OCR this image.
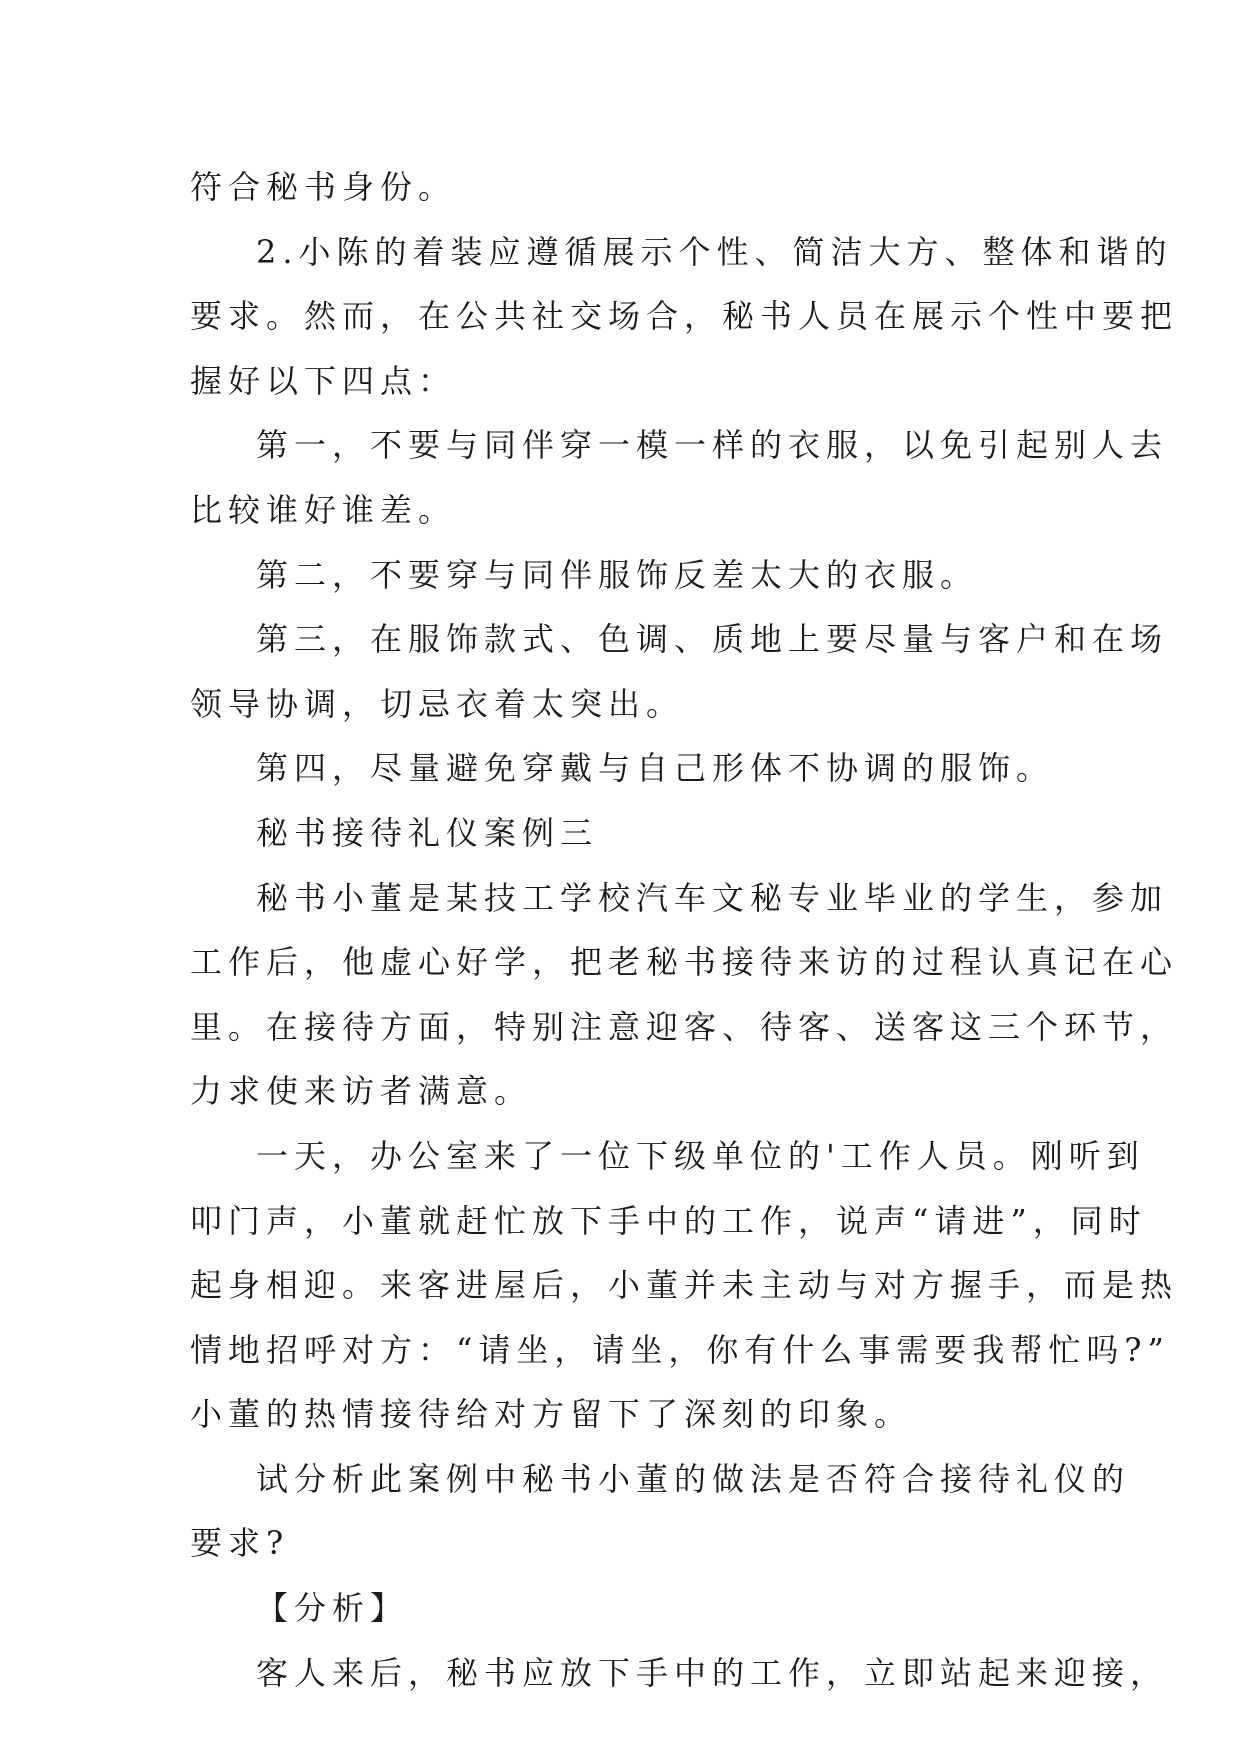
符合秘书身份。
2.小陈的着装应遵循展示个性、简洁大方、整体和谐的
要求。然而，在公共社交场合，秘书人员在展示个性中要把
握好以下四点：
第一，不要与同伴穿一模一样的衣服，以免引起别人去
比较谁好谁差。
第二，不要穿与同伴服饰反差太大的衣服。
第三，在服饰款式、色调、质地上要尽量与客户和在场
领导协调，切忌衣着太突出。
第四，尽量避免穿戴与自己形体不协调的服饰。
秘书接待礼仪案例三
秘书小董是某技工学校汽车文秘专业毕业的学生，参加
工作后，他虚心好学，把老秘书接待来访的过程认真记在心
里。在接待方面，特别注意迎客、待客、送客这三个环节，
力求使来访者满意。
一天，办公室来了一位下级单位的'工作人员。刚听到
叩门声，小董就赶忙放下手中的工作，说声“请进”，同时
起身相迎。来客进屋后，小董并未主动与对方握手，而是热
情地招呼对方：“请坐，请坐，你有什么事需要我帮忙吗?”
小董的热情接待给对方留下了深刻的印象。
试分析此案例中秘书小董的做法是否符合接待礼仪的
要求?
【分析】
客人来后，秘书应放下手中的工作，立即站起来迎接，
